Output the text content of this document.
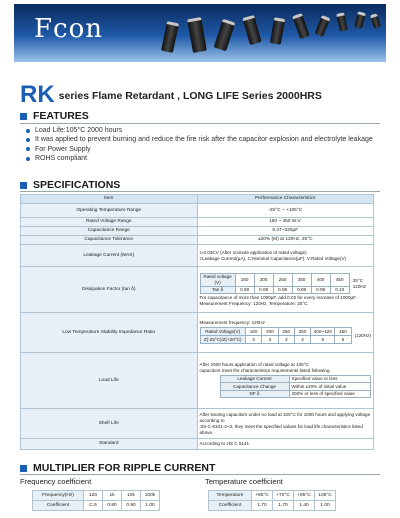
Fcon
RK series Flame Retardant , LONG LIFE Series 2000HRS
FEATURES
Load Life:105°C 2000 hours
It was applied to prevent burning and reduce the fire risk after the capacitor explosion and electrolyte leakage
For Power Supply
ROHS compliant
SPECIFICATIONS
Item	Performance Characteristics
Operating Temperature Range	-25°C ~ +105°C
Rated Voltage Range	160 ~ 450 W.V.
Capacitance Range	0.47~220μF
Capacitance Tolerance	±20% (M) at 120Hz, 25°C
Leakage Current (MAX)	
I=0.03CV (After 1minute application of rated voltage)
I:Leakage Current(μA), C:Nominal Capacitance(μF), V:Rated Voltage(V)

Dissipation Factor (tan δ)	
Rated voltage (V)	160	200	250	350	400	450
Tan δ	0.08	0.08	0.08	0.08	0.08	0.10
25°C 120Hz
For capacitance of more than 1000μF, add 0.02 for every increase of 1000μF.
Measurement Frequency: 120Hz, Temperature: 25°C

Low Temperature Stability Impedance Ratio	
Measurement frequency: 120Hz
Rated Voltage(V)	160	200	250	350	400~420	450
Z(-25°C)/Z(+20°C)	3	3	3	4	6	6
(120Hz)

Load Life	
After 2000 hours application of rated voltage at 105°C
capacitors meet the characteristics requirements listed following.
Leakage Current	Specified value or less
Capacitance Change	Within ±20% of initial value
DF δ	200% or less of specified value

Shelf Life	
After leaving capacitors under no load at 105°C for 1000 hours and applying voltage according to
JIS-C-5101-4~3, they meet the specified values for load life characteristics listed above.

Standard	According to JIS C 5141
MULTIPLIER FOR RIPPLE CURRENT
Frequency coefficient	Temperature coefficient
Frequency(Hz)	120	1k	10k	100k
Coefficient	C.5	0.80	0.90	1.00
Temperature	+85°C	+70°C	+85°C	105°C
Coefficient	1.70	1.70	1.40	1.00
